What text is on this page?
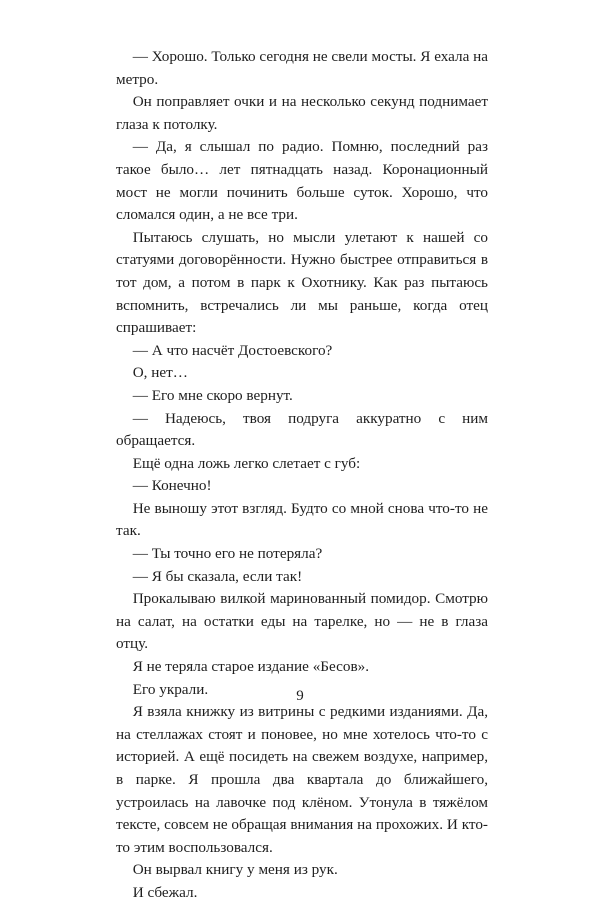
— Хорошо. Только сегодня не свели мосты. Я ехала на метро.

Он поправляет очки и на несколько секунд поднимает глаза к потолку.

— Да, я слышал по радио. Помню, последний раз такое было… лет пятнадцать назад. Коронационный мост не могли починить больше суток. Хорошо, что сломался один, а не все три.

Пытаюсь слушать, но мысли улетают к нашей со статуями договорённости. Нужно быстрее отправиться в тот дом, а потом в парк к Охотнику. Как раз пытаюсь вспомнить, встречались ли мы раньше, когда отец спрашивает:

— А что насчёт Достоевского?

О, нет…

— Его мне скоро вернут.

— Надеюсь, твоя подруга аккуратно с ним обращается.

Ещё одна ложь легко слетает с губ:

— Конечно!

Не выношу этот взгляд. Будто со мной снова что-то не так.

— Ты точно его не потеряла?

— Я бы сказала, если так!

Прокалываю вилкой маринованный помидор. Смотрю на салат, на остатки еды на тарелке, но — не в глаза отцу.

Я не теряла старое издание «Бесов».

Его украли.

Я взяла книжку из витрины с редкими изданиями. Да, на стеллажах стоят и поновее, но мне хотелось что-то с историей. А ещё посидеть на свежем воздухе, например, в парке. Я прошла два квартала до ближайшего, устроилась на лавочке под клёном. Утонула в тяжёлом тексте, совсем не обращая внимания на прохожих. И кто-то этим воспользовался.

Он вырвал книгу у меня из рук.

И сбежал.

9
